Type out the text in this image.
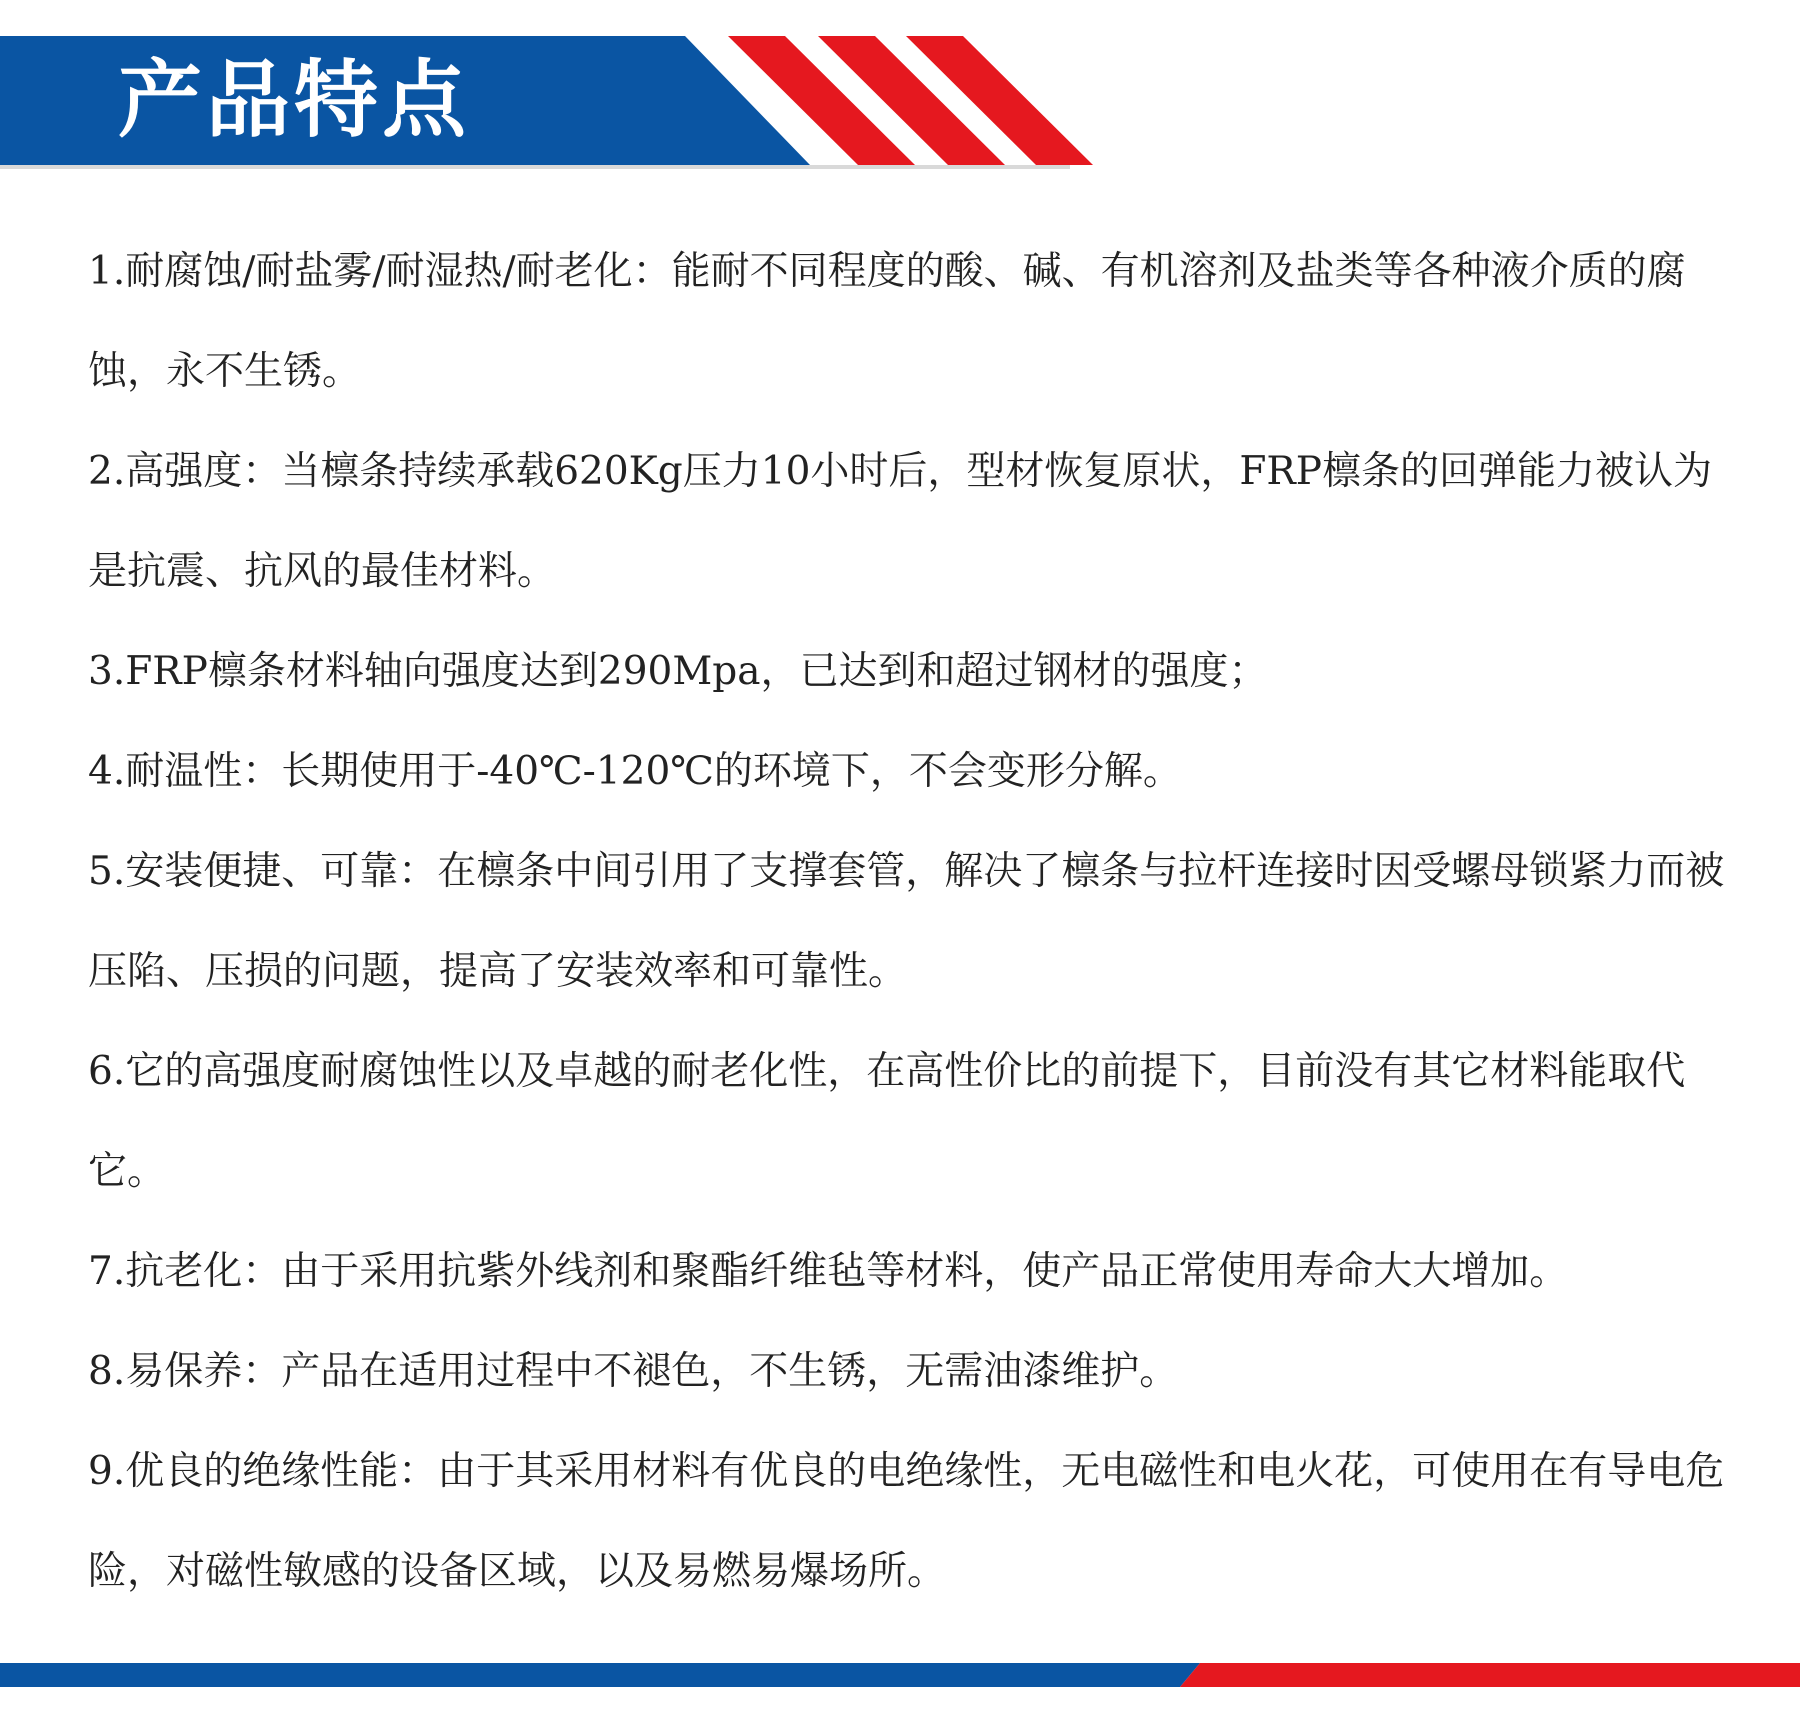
产品特点
1.耐腐蚀/耐盐雾/耐湿热/耐老化：能耐不同程度的酸、碱、有机溶剂及盐类等各种液介质的腐蚀，永不生锈。
2.高强度：当檩条持续承载620Kg压力10小时后，型材恢复原状，FRP檩条的回弹能力被认为是抗震、抗风的最佳材料。
3.FRP檩条材料轴向强度达到290Mpa，已达到和超过钢材的强度；
4.耐温性：长期使用于-40℃-120℃的环境下，不会变形分解。
5.安装便捷、可靠：在檩条中间引用了支撑套管，解决了檩条与拉杆连接时因受螺母锁紧力而被压陷、压损的问题，提高了安装效率和可靠性。
6.它的高强度耐腐蚀性以及卓越的耐老化性，在高性价比的前提下，目前没有其它材料能取代它。
7.抗老化：由于采用抗紫外线剂和聚酯纤维毡等材料，使产品正常使用寿命大大增加。
8.易保养：产品在适用过程中不褪色，不生锈，无需油漆维护。
9.优良的绝缘性能：由于其采用材料有优良的电绝缘性，无电磁性和电火花，可使用在有导电危险，对磁性敏感的设备区域，以及易燃易爆场所。
